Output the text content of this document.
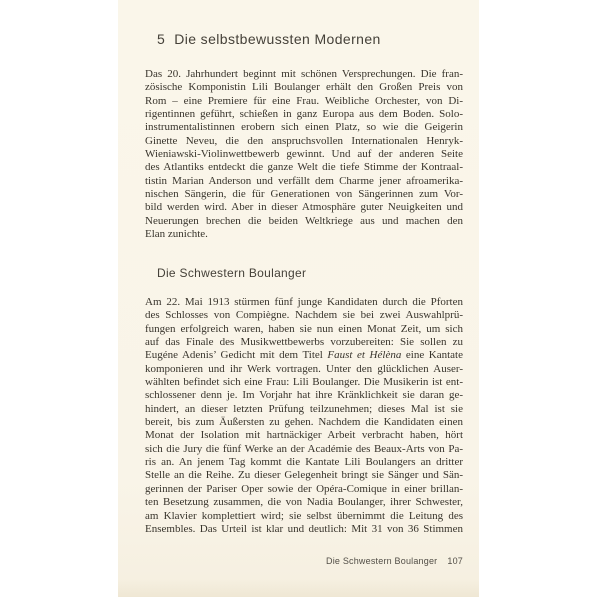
5 Die selbstbewussten Modernen
Das 20. Jahrhundert beginnt mit schönen Versprechungen. Die fran-
zösische Komponistin Lili Boulanger erhält den Großen Preis von
Rom – eine Premiere für eine Frau. Weibliche Orchester, von Di-
rigentinnen geführt, schießen in ganz Europa aus dem Boden. Solo-
instrumentalistinnen erobern sich einen Platz, so wie die Geigerin
Ginette Neveu, die den anspruchsvollen Internationalen Henryk-
Wieniawski-Violinwettbewerb gewinnt. Und auf der anderen Seite
des Atlantiks entdeckt die ganze Welt die tiefe Stimme der Kontraal-
tistin Marian Anderson und verfällt dem Charme jener afroamerika-
nischen Sängerin, die für Generationen von Sängerinnen zum Vor-
bild werden wird. Aber in dieser Atmosphäre guter Neuigkeiten und
Neuerungen brechen die beiden Weltkriege aus und machen den
Elan zunichte.
Die Schwestern Boulanger
Am 22. Mai 1913 stürmen fünf junge Kandidaten durch die Pforten
des Schlosses von Compiègne. Nachdem sie bei zwei Auswahlprü-
fungen erfolgreich waren, haben sie nun einen Monat Zeit, um sich
auf das Finale des Musikwettbewerbs vorzubereiten: Sie sollen zu
Eugéne Adenis’ Gedicht mit dem Titel Faust et Hélèna eine Kantate
komponieren und ihr Werk vortragen. Unter den glücklichen Auser-
wählten befindet sich eine Frau: Lili Boulanger. Die Musikerin ist ent-
schlossener denn je. Im Vorjahr hat ihre Kränklichkeit sie daran ge-
hindert, an dieser letzten Prüfung teilzunehmen; dieses Mal ist sie
bereit, bis zum Äußersten zu gehen. Nachdem die Kandidaten einen
Monat der Isolation mit hartnäckiger Arbeit verbracht haben, hört
sich die Jury die fünf Werke an der Académie des Beaux-Arts von Pa-
ris an. An jenem Tag kommt die Kantate Lili Boulangers an dritter
Stelle an die Reihe. Zu dieser Gelegenheit bringt sie Sänger und Sän-
gerinnen der Pariser Oper sowie der Opéra-Comique in einer brillan-
ten Besetzung zusammen, die von Nadia Boulanger, ihrer Schwester,
am Klavier komplettiert wird; sie selbst übernimmt die Leitung des
Ensembles. Das Urteil ist klar und deutlich: Mit 31 von 36 Stimmen
Die Schwestern Boulanger 107
